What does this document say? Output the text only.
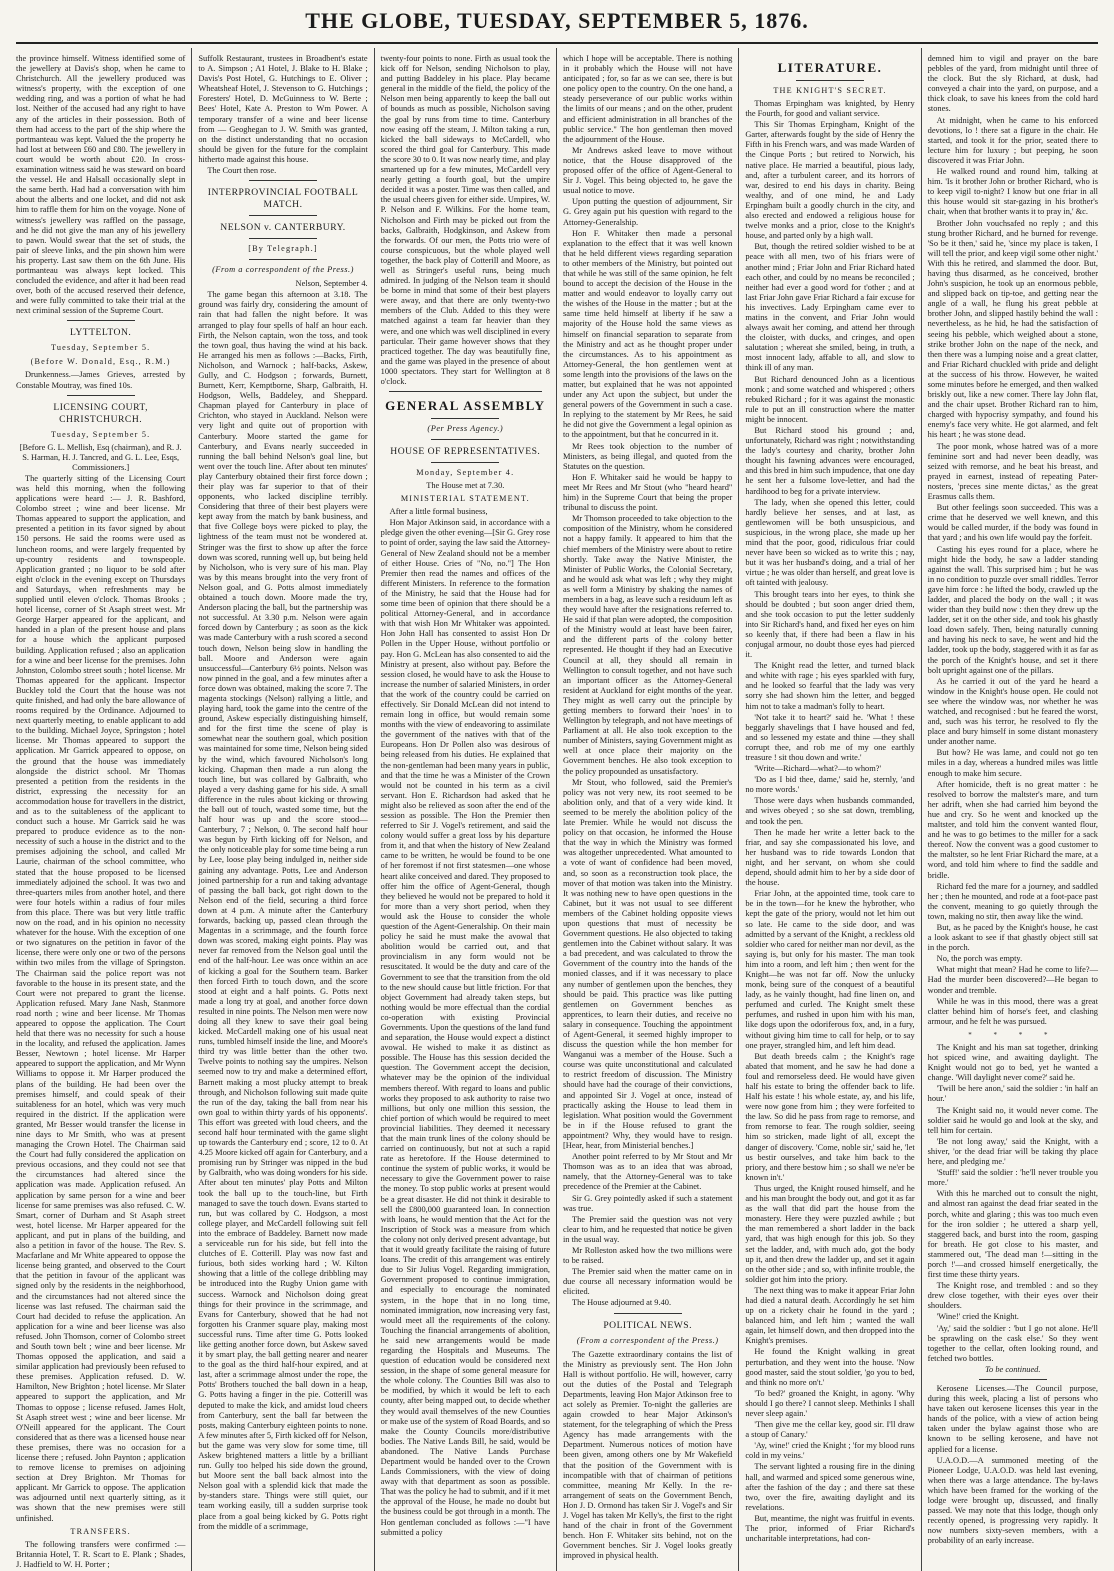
THE GLOBE, TUESDAY, SEPTEMBER 5, 1876.

the province himself. Witness identified some of the jewellery at Davis's shop, when he came to Christchurch. All the jewellery produced was witness's property, with the exception of one wedding ring, and was a portion of what he had lost. Neither of the accused had any right to have any of the articles in their possession. Both of them had access to the part of the ship where the portmanteau was kept. Valued the the property he had lost at between £60 and £80. The jewellery in court would be worth about £20. In cross-examination witness said he was steward on board the vessel. He and Halsall occasionally slept in the same berth. Had had a conversation with him about the alberts and one locket, and did not ask him to raffle them for him on the voyage. None of witness's jewellery was raffled on the passage, and he did not give the man any of his jewellery to pawn. Would swear that the set of studs, the pair of sleeve links, and the pin shown him were his property. Last saw them on the 6th June. His portmanteau was always kept locked. This concluded the evidence, and after it had been read over, both of the accused reserved their defence, and were fully committed to take their trial at the next criminal session of the Supreme Court.

LYTTELTON.
Tuesday, September 5.
(Before W. Donald, Esq., R.M.)

Drunkenness.—James Grieves, arrested by Constable Moutray, was fined 10s.

LICENSING COURT, CHRISTCHURCH.
Tuesday, September 5.

[Before G. L. Mellish, Esq (chairman), and R. J. S. Harman, H. J. Tancred, and G. L. Lee, Esqs, Commissioners.]

The quarterly sitting of the Licensing Court was held this morning, when the following applications were heard :— J. R. Bashford, Colombo street ; wine and beer license. Mr Thomas appeared to support the application, and presented a petition in its favor signed by about 150 persons. He said the rooms were used as luncheon rooms, and were largely frequented by up-country residents and townspeople. Application granted ; no liquor to be sold after eight o'clock in the evening except on Thursdays and Saturdays, when refreshments may be supplied until eleven o'clock. Thomas Brooks ; hotel license, corner of St Asaph street west. Mr George Harper appeared for the applicant, and handed in a plan of the present house and plans for a house which the applicant purposed building. Application refused ; also an application for a wine and beer license for the premises. John Johnston, Colombo street south ; hotel license. Mr Thomas appeared for the applicant. Inspector Buckley told the Court that the house was not quite finished, and had only the bare allowance of rooms required by the Ordinance. Adjourned to next quarterly meeting, to enable applicant to add to the building. Michael Joyce, Springston ; hotel license. Mr Thomas appeared to support the application. Mr Garrick appeared to oppose, on the ground that the house was immediately alongside the district school. Mr Thomas presented a petition from the residents in the district, expressing the necessity for an accommodation house for travellers in the district, and as to the suitableness of the applicant to conduct such a house. Mr Garrick said he was prepared to produce evidence as to the non-necessity of such a house in the district and to the premises adjoining the school, and called Mr Laurie, chairman of the school committee, who stated that the house proposed to be licensed immediately adjoined the school. It was two and three-quarters miles from another hotel, and there were four hotels within a radius of four miles from this place. There was but very little traffic now on the road, and in his opinion no necessity whatever for the house. With the exception of one or two signatures on the petition in favor of the license, there were only one or two of the persons within two miles from the village of Springston. The Chairman said the police report was not favorable to the house in its present state, and the Court were not prepared to grant the license. Application refused. Mary Jane Nash, Stanmore road north ; wine and beer license. Mr Thomas appeared to oppose the application. The Court held that there was no necessity for such a house in the locality, and refused the application. James Besser, Newtown ; hotel license. Mr Harper appeared to support the application, and Mr Wynn Williams to oppose it. Mr Harper produced the plans of the building. He had been over the premises himself, and could speak of their suitableness for an hotel, which was very much required in the district. If the application were granted, Mr Besser would transfer the license in nine days to Mr Smith, who was at present managing the Crown Hotel. The Chairman said the Court had fully considered the application on previous occasions, and they could not see that the circumstances had altered since the application was made. Application refused. An application by same person for a wine and beer license for same premises was also refused. C. W. Smart, corner of Durham and St Asaph street west, hotel license. Mr Harper appeared for the applicant, and put in plans of the building, and also a petition in favor of the house. The Rev. S. Macfarlane and Mr White appeared to oppose the license being granted, and observed to the Court that the petition in favour of the applicant was signed only by the residents in the neighborhood, and the circumstances had not altered since the license was last refused. The chairman said the Court had decided to refuse the application. An application for a wine and beer license was also refused. John Thomson, corner of Colombo street and South town belt ; wine and beer license. Mr Thomas opposed the application, and said a similar application had previously been refused to these premises. Application refused. D. W. Hamilton, New Brighton ; hotel license. Mr Slater appeared to support the application, and Mr Thomas to oppose ; license refused. James Holt, St Asaph street west ; wine and beer license. Mr O'Neill appeared for the applicant. The Court considered that as there was a licensed house near these premises, there was no occasion for a license there ; refused. John Paynton ; application to remove license to premises on adjoining section at Drey Brighton. Mr Thomas for applicant. Mr Garrick to oppose. The application was adjourned until next quarterly sitting, as it was shown that the new premises were still unfinished.

TRANSFERS.

The following transfers were confirmed :— Britannia Hotel, T. R. Scart to E. Plank ; Shades, J. Hadfield to W. H. Porter ;

Suffolk Restaurant, trustees in Broadbent's estate to A. Simpson ; A1 Hotel, J. Blake to H. Blake ; Davis's Post Hotel, G. Hutchings to E. Oliver ; Wheatsheaf Hotel, J. Stevenson to G. Hutchings ; Foresters' Hotel, D. McGuinness to W. Berte ; Bees' Hotel, Kate A. Preston to Wm Power. A temporary transfer of a wine and beer license from — Geoghegan to J. W. Smith was granted, on the distinct understanding that no occasion should be given for the future for the complaint hitherto made against this house.

The Court then rose.

INTERPROVINCIAL FOOTBALL MATCH.
NELSON v. CANTERBURY.
[By Telegraph.]
(From a correspondent of the Press.)

Nelson, September 4.

The game began this afternoon at 3.18. The ground was fairly dry, considering the amount of rain that had fallen the night before. It was arranged to play four spells of half an hour each. Firth, the Nelson captain, won the toss, and took the town goal, thus having the wind at his back. He arranged his men as follows :—Backs, Firth, Nicholson, and Warnock ; half-backs, Askew, Gully, and C. Hodgson ; forwards, Burnett, Burnett, Kerr, Kemptborne, Sharp, Galbraith, H. Hodgson, Wells, Baddeley, and Sheppard. Chapman played for Canterbury in place of Crichton, who stayed in Auckland. Nelson were very light and quite out of proportion with Canterbury. Moore started the game for Canterbury, and Evans nearly succeeded in running the ball behind Nelson's goal line, but went over the touch line. After about ten minutes' play Canterbury obtained their first force down ; their play was far superior to that of their opponents, who lacked discipline terribly. Considering that three of their best players were kept away from the match by bank business, and that five College boys were picked to play, the lightness of the team must not be wondered at. Stringer was the first to show up after the force down was scored, running well up, but being held by Nicholson, who is very sure of his man. Play was by this means brought into the very front of Nelson goal, and G. Potts almost immediately obtained a touch down. Moore made the try, Anderson placing the ball, but the partnership was not successful. At 3.30 p.m. Nelson were again forced down by Canterbury ; as soon as the kick was made Canterbury with a rush scored a second touch down, Nelson being slow in handling the ball. Moore and Anderson were again unsuccessful—Canterbury 6½ points. Nelson was now pinned in the goal, and a few minutes after a force down was obtained, making the score 7. The magenta stockings (Nelson) rallying a little, and playing hard, took the game into the centre of the ground, Askew especially distinguishing himself, and for the first time the scene of play is somewhat near the southern goal, which position was maintained for some time, Nelson being sided by the wind, which favoured Nicholson's long kicking. Chapman then made a run along the touch line, but was collared by Galbraith, who played a very dashing game for his side. A small difference in the rules about kicking or throwing the ball out of touch, wasted some time, but the half hour was up and the score stood—Canterbury, 7 ; Nelson, 0. The second half hour was begun by Firth kicking off for Nelson, and the only noticeable play for some time being a run by Lee, loose play being indulged in, neither side gaining any advantage. Potts, Lee and Anderson joined partnership for a run and taking advantage of passing the ball back, got right down to the Nelson end of the field, securing a third force down at 4 p.m. A minute after the Canterbury forwards, backing up, passed clean through the Magentas in a scrimmage, and the fourth force down was scored, making eight points. Play was never far removed from the Nelson goal until the end of the half-hour. Lee was once within an ace of kicking a goal for the Southern team. Barker then forced Firth to touch down, and the score stood at eight and a half points. G. Potts next made a long try at goal, and another force down resulted in nine points. The Nelson men were now doing all they knew to save their goal being kicked. McCardell making one of his usual neat runs, tumbled himself inside the line, and Moore's third try was little better than the other two. Twelve points to nothing say the umpires. Nelson seemed now to try and make a determined effort, Barnett making a most plucky attempt to break through, and Nicholson following suit made quite the run of the day, taking the ball from near his own goal to within thirty yards of his opponents'. This effort was greeted with loud cheers, and the second half hour terminated with the game slight up towards the Canterbury end ; score, 12 to 0. At 4.25 Moore kicked off again for Canterbury, and a promising run by Stringer was nipped in the bud by Galbraith, who was doing wonders for his side. After about ten minutes' play Potts and Milton took the ball up to the touch-line, but Firth managed to save the touch down. Evans started to run, but was collared by C. Hodgson, a most college player, and McCardell following suit fell into the embrace of Baddeley. Barnett now made a serviceable run for his side, but fell into the clutches of E. Cotterill. Play was now fast and furious, both sides working hard ; W. Kilton showing that a little of the college dribbling may be introduced into the Rugby Union game with success. Warnock and Nicholson doing great things for their province in the scrimmage, and Evans for Canterbury, showed that he had not forgotten his Cranmer square play, making most successful runs. Time after time G. Potts looked like getting another force down, but Askew saved it by smart play, the ball getting nearer and nearer to the goal as the third half-hour expired, and at last, after a scrimmage almost under the rope, the Potts' Brothers touched the ball down in a heap, G. Potts having a finger in the pie. Cotterill was deputed to make the kick, and amidst loud cheers from Canterbury, sent the ball far between the posts, making Canterbury eighteen points to none. A few minutes after 5, Firth kicked off for Nelson, but the game was very slow for some time, till Askew brightened matters a little by a brilliant run. Gully too helped his side down the ground, but Moore sent the ball back almost into the Nelson goal with a splendid kick that made the by-standers stare. Things were still quiet, our team working easily, till a sudden surprise took place from a goal being kicked by G. Potts right from the middle of a scrimmage,

twenty-four points to none. Firth as usual took the kick off for Nelson, sending Nicholson to play, and putting Baddeley in his place. Play became general in the middle of the field, the policy of the Nelson men being apparently to keep the ball out of bounds as much as possible, Nicholson saving the goal by runs from time to time. Canterbury now easing off the steam, J. Milton taking a run, kicked the ball sideways to McCardell, who scored the third goal for Canterbury. This made the score 30 to 0. It was now nearly time, and play smartened up for a few minutes, McCardell very nearly getting a fourth goal, but the umpire decided it was a poster. Time was then called, and the usual cheers given for either side. Umpires, W. P. Nelson and F. Wilkins. For the home team, Nicholson and Firth may be picked out from the backs, Galbraith, Hodgkinson, and Askew from the forwards. Of our men, the Potts trio were of course conspicuous, but the whole played well together, the back play of Cotterill and Moore, as well as Stringer's useful runs, being much admired. In judging of the Nelson team it should be borne in mind that some of their best players were away, and that there are only twenty-two members of the Club. Added to this they were matched against a team far heavier than they were, and one which was well disciplined in every particular. Their game however shows that they practiced together. The day was beautifully fine, and the game was played in the presence of about 1000 spectators. They start for Wellington at 8 o'clock.

GENERAL ASSEMBLY
(Per Press Agency.)
HOUSE OF REPRESENTATIVES.
Monday, September 4.

The House met at 7.30.

MINISTERIAL STATEMENT.

After a little formal business,

Hon Major Atkinson said, in accordance with a pledge given the other evening—[Sir G. Grey rose to point of order, saying the law said the Attorney-General of New Zealand should not be a member of either House. Cries of "No, no."] The Hon Premier then read the names and offices of the different Ministers. In reference to the formation of the Ministry, he said that the House had for some time been of opinion that there should be a political Attorney-General, and in accordance with that wish Hon Mr Whitaker was appointed. Hon John Hall has consented to assist Hon Dr Pollen in the Upper House, without portfolio or pay. Hon G. McLean has also consented to aid the Ministry at present, also without pay. Before the session closed, he would have to ask the House to increase the number of salaried Ministers, in order that the work of the country could be carried on effectively. Sir Donald McLean did not intend to remain long in office, but would remain some months with the view of endeavoring to assimilate the government of the natives with that of the Europeans. Hon Dr Pollen also was desirous of being released from his duties. He explained that the non-gentleman had been many years in public, and that the time he was a Minister of the Crown would not be counted in his term as a civil servant. Hon E. Richardson had asked that he might also be relieved as soon after the end of the session as possible. The Hon the Premier then referred to Sir J. Vogel's retirement, and said the colony would suffer a great loss by his departure from it, and that when the history of New Zealand came to be written, he would be found to be one of her foremost if not first statesmen—one whose heart alike conceived and dared. They proposed to offer him the office of Agent-General, though they believed he would not be prepared to hold it for more than a very short period, when they would ask the House to consider the whole question of the Agent-Generalship. On their main policy he said he must make the avowal that abolition would be carried out, and that provincialism in any form would not be resuscitated. It would be the duty and care of the Government to see that the transition from the old to the new should cause but little friction. For that object Government had already taken steps, but nothing would be more effectual than the cordial co-operation with existing Provincial Governments. Upon the questions of the land fund and separation, the House would expect a distinct avowal. He wished to make it as distinct as possible. The House has this session decided the question. The Government accept the decision, whatever may be the opinion of the individual members thereof. With regard to loans and public works they proposed to ask authority to raise two millions, but only one million this session, the chief portion of which would be required to meet provincial liabilities. They deemed it necessary that the main trunk lines of the colony should be carried on continuously, but not at such a rapid rate as heretofore. If the House determined to continue the system of public works, it would be necessary to give the Government power to raise the money. To stop public works at present would be a great disaster. He did not think it desirable to sell the £800,000 guaranteed loan. In connection with loans, he would mention that the Act for the Inscription of Stock was a measure from which the colony not only derived present advantage, but that it would greatly facilitate the raising of future loans. The credit of this arrangement was entirely due to Sir Julius Vogel. Regarding immigration, Government proposed to continue immigration, and especially to encourage the nominated system, in the hope that in no long time, nominated immigration, now increasing very fast, would meet all the requirements of the colony. Touching the financial arrangements of abolition, he said new arrangements would be made regarding the Hospitals and Museums. The question of education would be considered next session, in the shape of some general measure for the whole colony. The Counties Bill was also to be modified, by which it would be left to each county, after being mapped out, to decide whether they would avail themselves of the new Counties or make use of the system of Road Boards, and so make the County Councils more/distributive bodies. The Native Lands Bill, he said, would be abandoned. The Native Lands Purchase Department would be handed over to the Crown Lands Commissioners, with the view of doing away with that department as soon as possible. That was the policy he had to submit, and if it met the approval of the House, he made no doubt but the business could be got through in a month. The Hon gentleman concluded as follows :—"I have submitted a policy

which I hope will be acceptable. There is nothing in it probably which the House will not have anticipated ; for, so far as we can see, there is but one policy open to the country. On the one hand, a steady perseverance of our public works within the limits of our means ; and on the other, prudent and efficient administration in all branches of the public service." The hon gentleman then moved the adjournment of the House.

Mr Andrews asked leave to move without notice, that the House disapproved of the proposed offer of the office of Agent-General to Sir J. Vogel. This being objected to, he gave the usual notice to move.

Upon putting the question of adjournment, Sir G. Grey again put his question with regard to the Attorney-Generalship.

Hon F. Whitaker then made a personal explanation to the effect that it was well known that he held different views regarding separation to other members of the Ministry, but pointed out that while he was still of the same opinion, he felt bound to accept the decision of the House in the matter and would endeavor to loyally carry out the wishes of the House in the matter ; but at the same time held himself at liberty if he saw a majority of the House hold the same views as himself on financial separation to separate from the Ministry and act as he thought proper under the circumstances. As to his appointment as Attorney-General, the hon gentlemen went at some length into the provisions of the laws on the matter, but explained that he was not appointed under any Act upon the subject, but under the general powers of the Government in such a case. In replying to the statement by Mr Rees, he said he did not give the Government a legal opinion as to the appointment, but that he concurred in it.

Mr Rees took objection to the number of Ministers, as being illegal, and quoted from the Statutes on the question.

Hon F. Whitaker said he would be happy to meet Mr Rees and Mr Stout (who "heard heard" him) in the Supreme Court that being the proper tribunal to discuss the point.

Mr Thomson proceeded to take objection to the composition of the Ministry, whom he considered not a happy family. It appeared to him that the chief members of the Ministry were about to retire shortly. Take away the Native Minister, the Minister of Public Works, the Colonial Secretary, and he would ask what was left ; why they might as well form a Ministry by shaking the names of members in a bag, as leave such a residuum left as they would have after the resignations referred to. He said if that plan were adopted, the composition of the Ministry would at least have been fairer, and the different parts of the colony better represented. He thought if they had an Executive Council at all, they should all remain in Wellington to consult together, and not have such an important officer as the Attorney-General resident at Auckland for eight months of the year. They might as well carry out the principle by getting members to forward their 'noes' in to Wellington by telegraph, and not have meetings of Parliament at all. He also took exception to the number of Ministers, saying Government might as well at once place their majority on the Government benches. He also took exception to the policy propounded as unsatisfactory.

Mr Stout, who followed, said the Premier's policy was not very new, its root seemed to be abolition only, and that of a very wide kind. It seemed to be merely the abolition policy of the late Premier. While he would not discuss the policy on that occasion, he informed the House that the way in which the Ministry was formed was altogether unprecedented. What amounted to a vote of want of confidence had been moved, and, so soon as a reconstruction took place, the mover of that motion was taken into the Ministry. It was nothing new to have open questions in the Cabinet, but it was not usual to see different members of the Cabinet holding opposite views upon questions that must of necessity be Government questions. He also objected to taking gentlemen into the Cabinet without salary. It was a bad precedent, and was calculated to throw the Government of the country into the hands of the monied classes, and if it was necessary to place any number of gentlemen upon the benches, they should be paid. This practice was like putting gentlemen on Government benches as apprentices, to learn their duties, and receive no salary in consequence. Touching the appointment of Agent-General, it seemed highly improper to discuss the question while the hon member for Wanganui was a member of the House. Such a course was quite unconstitutional and calculated to restrict freedom of discussion. The Ministry should have had the courage of their convictions, and appointed Sir J. Vogel at once, instead of practically asking the House to lead them in legislation. What position would the Government be in if the House refused to grant the appointment? Why, they would have to resign. [Hear, hear, from Ministerial benches.]

Another point referred to by Mr Stout and Mr Thomson was as to an idea that was abroad, namely, that the Attorney-General was to take precedence of the Premier at the Cabinet.

Sir G. Grey pointedly asked if such a statement was true.

The Premier said the question was not very clear to him, and he requested that notice be given in the usual way.

Mr Rolleston asked how the two millions were to be raised.

The Premier said when the matter came on in due course all necessary information would be elicited.

The House adjourned at 9.40.

POLITICAL NEWS.
(From a correspondent of the Press.)

The Gazette extraordinary contains the list of the Ministry as previously sent. The Hon John Hall is without portfolio. He will, however, carry out the duties of the Postal and Telegraph Departments, leaving Hon Major Atkinson free to act solely as Premier. To-night the galleries are again crowded to hear Major Atkinson's statement, for the telegraphing of which the Press Agency has made arrangements with the Department. Numerous notices of motion have been given, among others one by Mr Wakefield that the position of the Government with is incompatible with that of chairman of petitions committee, meaning Mr Kelly. In the re-arrangement of seats on the Government Bench, Hon J. D. Ormond has taken Sir J. Vogel's and Sir J. Vogel has taken Mr Kelly's, the first to the right hand of the chair in front of the Government bench. Hon F. Whitaker sits behind, not on the Government benches. Sir J. Vogel looks greatly improved in physical health.

LITERATURE.
THE KNIGHT'S SECRET.

Thomas Erpingham was knighted, by Henry the Fourth, for good and valiant service.

This Sir Thomas Erpingham, Knight of the Garter, afterwards fought by the side of Henry the Fifth in his French wars, and was made Warden of the Cinque Ports ; but retired to Norwich, his native place. He married a beautiful, pious lady, and, after a turbulent career, and its horrors of war, desired to end his days in charity. Being wealthy, and of one mind, he and Lady Erpingham built a goodly church in the city, and also erected and endowed a religious house for twelve monks and a prior, close to the Knight's house, and parted only by a high wall.

But, though the retired soldier wished to be at peace with all men, two of his friars were of another mind ; Friar John and Friar Richard hated each other, and could by no means be reconciled ; neither had ever a good word for t'other ; and at last Friar John gave Friar Richard a fair excuse for his invectives. Lady Erpingham came ever to matins in the convent, and Friar John would always await her coming, and attend her through the cloister, with ducks, and cringes, and open salutation ; whereat she smiled, being, in truth, a most innocent lady, affable to all, and slow to think ill of any man.

But Richard denounced John as a licentious monk ; and some watched and whispered ; others rebuked Richard ; for it was against the monastic rule to put an ill construction where the matter might be innocent.

But Richard stood his ground ; and, unfortunately, Richard was right ; notwithstanding the lady's courtesy and charity, brother John thought his fawning advances were encouraged, and this bred in him such impudence, that one day he sent her a fulsome love-letter, and had the hardihood to beg for a private interview.

The lady, when she opened this letter, could hardly believe her senses, and at last, as gentlewomen will be both unsuspicious, and suspicious, in the wrong place, she made up her mind that the poor, good, ridiculous friar could never have been so wicked as to write this ; nay, but it was her husband's doing, and a trial of her virtue ; he was older than herself, and great love is oft tainted with jealousy.

This brought tears into her eyes, to think she should be doubted ; but soon anger dried them, and she took occasion to put the letter suddenly into Sir Richard's hand, and fixed her eyes on him so keenly that, if there had been a flaw in his conjugal armour, no doubt those eyes had pierced it.

The Knight read the letter, and turned black and white with rage ; his eyes sparkled with fury, and he looked so fearful that the lady was very sorry she had shown him the letter, and begged him not to take a madman's folly to heart.

'Not take it to heart?' said he. 'What ! these beggarly shavelings that I have housed and fed, and so lessened my estate and thine —they shall corrupt thee, and rob me of my one earthly treasure ! sit thou down and write.'

'Write—Richard—what?—to whom?'

'Do as I bid thee, dame,' said he, sternly, 'and no more words.'

Those were days when husbands commanded, and wives obeyed ; so she sat down, trembling, and took the pen.

Then he made her write a letter back to the friar, and say she compassionated his love, and her husband was to ride towards London that night, and her servant, on whom she could depend, should admit him to her by a side door of the house.

Friar John, at the appointed time, took care to be in the town—for he knew the hybrother, who kept the gate of the priory, would not let him out so late. He came to the side door, and was admitted by a servant of the Knight, a reckless old soldier who cared for neither man nor devil, as the saying is, but only for his master. The man took him into a room, and left him ; then went for the Knight—he was not far off. Now the unlucky monk, being sure of the conquest of a beautiful lady, as he vainly thought, had fine linen on, and perfumed and curled. The Knight smelt these perfumes, and rushed in upon him with his man, like dogs upon the odoriferous fox, and, in a fury, without giving him time to call for help, or to say one prayer, strangled him, and left him dead.

But death breeds calm ; the Knight's rage abated that moment, and he saw he had done a foul and remorseless deed. He would have given half his estate to bring the offender back to life. Half his estate ! his whole estate, ay, and his life, were now gone from him ; they were forfeited to the law. So did he pass from rage to remorse, and from remorse to fear. The rough soldier, seeing him so stricken, made light of all, except the danger of discovery. 'Come, noble sir,' said he, 'let us bestir ourselves, and take him back to the priory, and there bestow him ; so shall we ne'er be known in't.'

Thus urged, the Knight roused himself, and he and his man brought the body out, and got it as far as the wall that did part the house from the monastery. Here they were puzzled awhile ; but the man remembered a short ladder in the back yard, that was high enough for this job. So they set the ladder, and, with much ado, got the body up it, and then drew the ladder up, and set it again on the other side ; and so, with infinite trouble, the soldier got him into the priory.

The next thing was to make it appear Friar John had died a natural death. Accordingly he set him up on a rickety chair he found in the yard ; balanced him, and left him ; wanted the wall again, let himself down, and then dropped into the Knight's premises.

He found the Knight walking in great perturbation, and they went into the house. 'Now good master, said the stout soldier, 'go you to bed, and think no more on't.'

'To bed?' groaned the Knight, in agony. 'Why should I go there? I cannot sleep. Methinks I shall never sleep again.'

'Then give me the cellar key, good sir. I'll draw a stoup of Canary.'

'Ay, wine!' cried the Knight ; 'for my blood runs cold in my veins.'

The servant lighted a rousing fire in the dining hall, and warmed and spiced some generous wine, after the fashion of the day ; and there sat these two, over the fire, awaiting daylight and its revelations.

But, meantime, the night was fruitful in events. The prior, informed of Friar Richard's uncharitable interpretations, had con-

demned him to vigil and prayer on the bare pebbles of the yard, from midnight until three of the clock. But the sly Richard, at dusk, had conveyed a chair into the yard, on purpose, and a thick cloak, to save his knees from the cold hard stones.

At midnight, when he came to his enforced devotions, lo ! there sat a figure in the chair. He started, and took it for the prior, seated there to lecture him for luxury ; but peeping, he soon discovered it was Friar John.

He walked round and round him, talking at him. 'Is it brother John or brother Richard, who is to keep vigil to-night? I know but one friar in all this house would sit star-gazing in his brother's chair, when that brother wants it to pray in,' &c.

Brother John vouchsafed no reply ; and this stung brother Richard, and he burned for revenge. 'So be it then,' said he, 'since my place is taken, I will tell the prior, and keep vigil some other night.' With this he retired, and slammed the door. But, having thus disarmed, as he conceived, brother John's suspicion, he took up an enormous pebble, and slipped back on tip-toe, and getting near the angle of a wall, he flung his great pebble at brother John, and slipped hastily behind the wall : nevertheless, as he hid, he had the satisfaction of seeing his pebble, which weighed about a stone, strike brother John on the nape of the neck, and then there was a lumping noise and a great clatter, and Friar Richard chuckled with pride and delight at the success of his throw. However, he waited some minutes before he emerged, and then walked briskly out, like a new comer. There lay John flat, and the chair upset. Brother Richard ran to him, charged with hypocrisy sympathy, and found his enemy's face very white. He got alarmed, and felt his heart ; he was stone dead.

The poor monk, whose hatred was of a more feminine sort and had never been deadly, was seized with remorse, and he beat his breast, and prayed in earnest, instead of repeating Pater-nosters, 'preces sine mente dictas,' as the great Erasmus calls them.

But other feelings soon succeeded. This was a crime that he deserved we well knewn, and this would be called murder, if the body was found in that yard ; and his own life would pay the forfeit.

Casting his eyes round for a place, where he might hide the body, he saw a ladder standing against the wall. This surprised him ; but he was in no condition to puzzle over small riddles. Terror gave him force : he lifted the body, crawled up the ladder, and placed the body on the wall ; it was wider than they build now : then they drew up the ladder, set it on the other side, and took his ghastly load down safely. Then, being naturally cunning and having his neck to save, he went and hid the ladder, took up the body, staggered with it as far as the porch of the Knight's house, and set it there bolt upright against one of the pillars.

As he carried it out of the yard he heard a window in the Knight's house open. He could not see where the window was, nor whether he was watched, and recognised : but he feared the worst, and, such was his terror, he resolved to fly the place and bury himself in some distant monastery under another name.

But how? He was lame, and could not go ten miles in a day, whereas a hundred miles was little enough to make him secure.

After homicide, theft is no great matter : he resolved to borrow the maltster's mare, and turn her adrift, when she had carried him beyond the hue and cry. So he went and knocked up the maltster, and told him the convent wanted flour, and he was to go betimes to the miller for a sack thereof. Now the convent was a good customer to the maltster, so he lent Friar Richard the mare, at a word, and told him where to find the saddle and bridle.

Richard fed the mare for a journey, and saddled her ; then he mounted, and rode at a foot-pace past the convent, meaning to go quietly through the town, making no stir, then away like the wind.

But, as he paced by the Knight's house, he cast a look askant to see if that ghastly object still sat in the porch.

No, the porch was empty.

What might that mean? Had he come to life?—Had the murder been discovered?—He began to wonder and tremble.

While he was in this mood, there was a great clatter behind him of horse's feet, and clashing armour, and he felt he was pursued.

* * * *

The Knight and his man sat together, drinking hot spiced wine, and awaiting daylight. The Knight would not go to bed, yet he wanted a change. 'Will daylight never come?' said he.

'Twill be here anon,' said the soldier : 'in half an hour.'

The Knight said no, it would never come. The soldier said he would go and look at the sky, and tell him for certain.

'Be not long away,' said the Knight, with a shiver, 'or the dead friar will be taking thy place here, and pledging me.'

'Stuff!' said the soldier : 'he'll never trouble you more.'

With this he marched out to consult the night, and almost ran against the dead friar seated in the porch, white and glaring ; this was too much even for the iron soldier ; he uttered a sharp yell, staggered back, and burst into the room, gasping for breath. He got close to his master, and stammered out, 'The dead man !—sitting in the porch !'—and crossed himself energetically, the first time these thirty years.

The Knight rose, and trembled : and so they drew close together, with their eyes over their shoulders.

'Wine!' cried the Knight.

'Ay,' said the soldier : 'but I go not alone. He'll be sprawling on the cask else.' So they went together to the cellar, often looking round, and fetched two bottles.

To be continued.

Kerosene Licenses.—The Council purpose, during this week, placing a list of persons who have taken out kerosene licenses this year in the hands of the police, with a view of action being taken under the bylaw against those who are known to be selling kerosene, and have not applied for a license.

U.A.O.D.—A summoned meeting of the Pioneer Lodge, U.A.O.D. was held last evening, when there was a large attendance. The by-laws which have been framed for the working of the lodge were brought up, discussed, and finally passed. We may note that this lodge, though only recently opened, is progressing very rapidly. It now numbers sixty-seven members, with a probability of an early increase.
